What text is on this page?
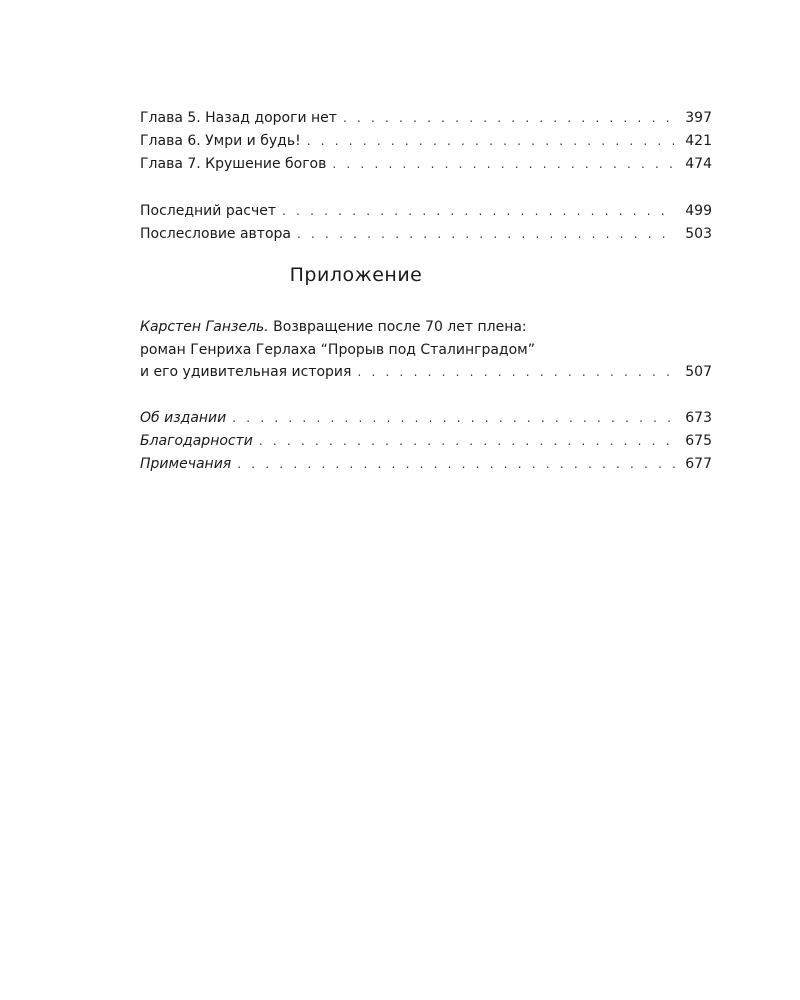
Глава 5. Назад дороги нет . . .	397
Глава 6. Умри и будь! . . .	421
Глава 7. Крушение богов . . .	474
Последний расчет . . .	499
Послесловие автора . . .	503
Приложение
Карстен Ганзель. Возвращение после 70 лет плена:
роман Генриха Герлаха “Прорыв под Сталинградом”
и его удивительная история . . .	507
Об издании . . .	673
Благодарности . . .	675
Примечания . . .	677
